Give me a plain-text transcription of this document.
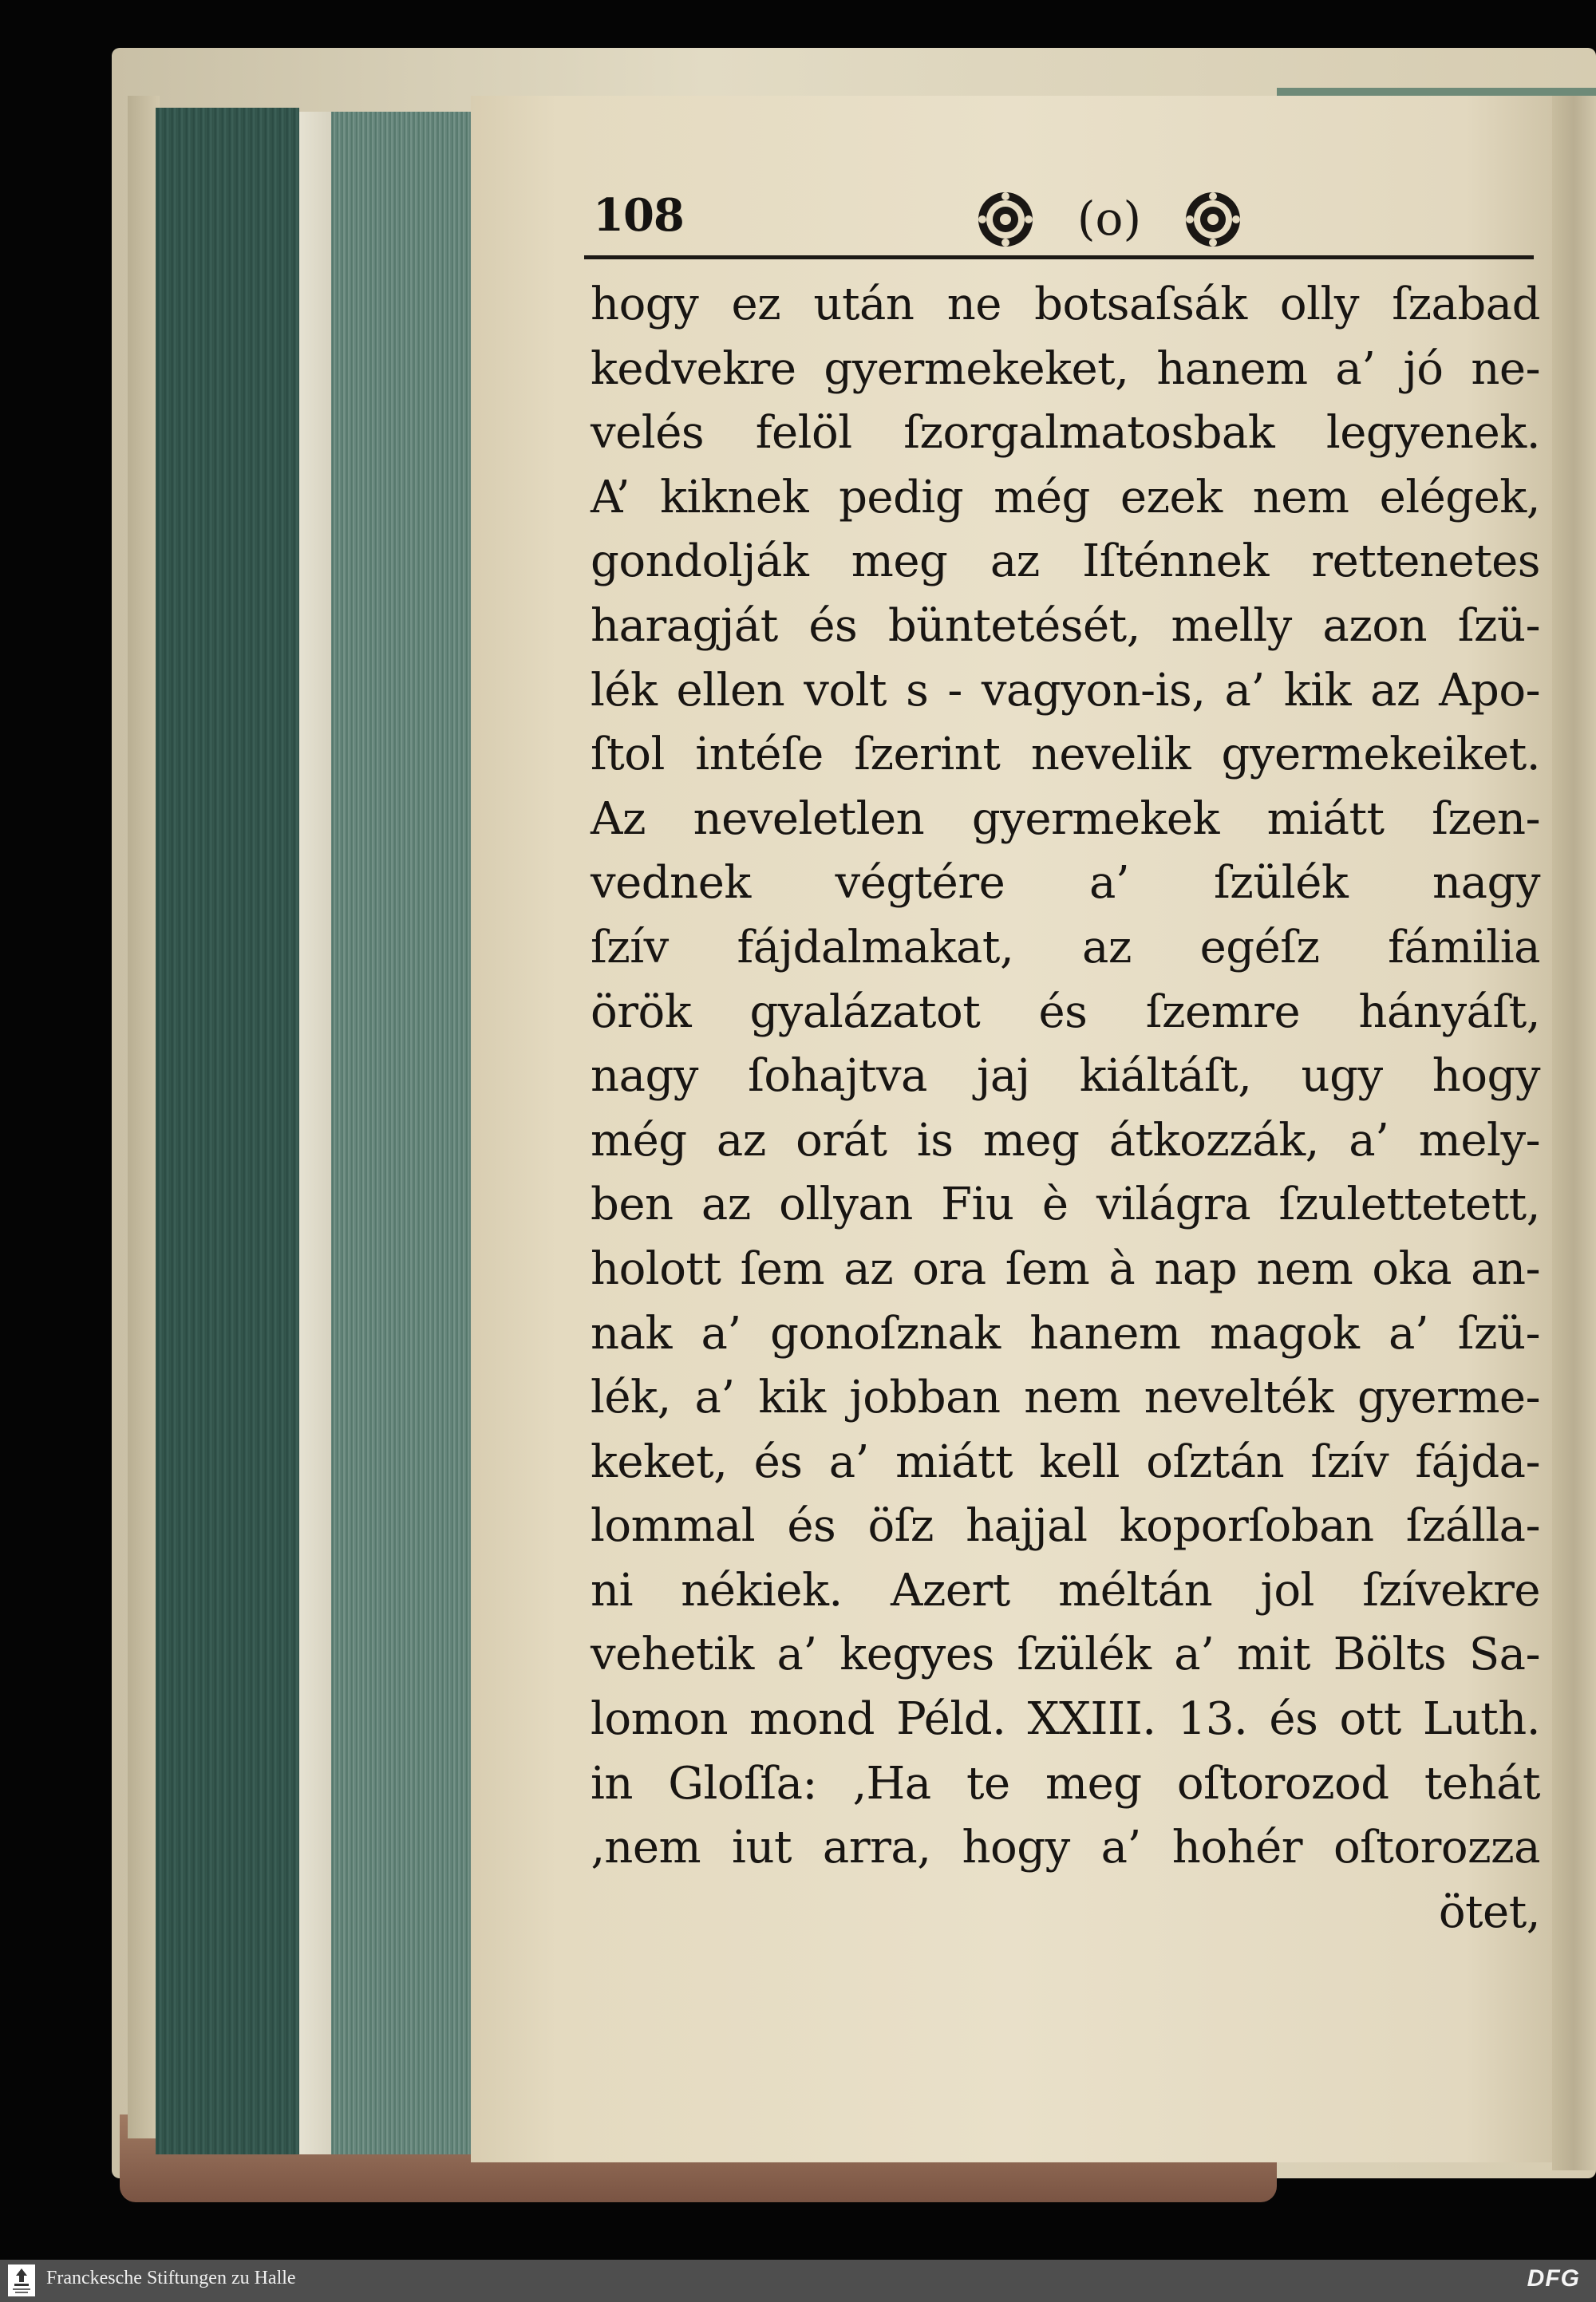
108	(o)
hogy ez után ne botsaſsák olly ſzabad
kedvekre gyermekeket, hanem a’ jó ne-
velés felöl ſzorgalmatosbak legyenek.
A’ kiknek pedig még ezek nem elégek,
gondolják meg az Iſténnek rettenetes
haragját és büntetését, melly azon ſzü-
lék ellen volt s - vagyon-is, a’ kik az Apo-
ſtol intéſe ſzerint nevelik gyermekeiket.
Az neveletlen gyermekek miátt ſzen-
vednek végtére a’ ſzülék nagy
ſzív fájdalmakat, az egéſz fámilia
örök gyalázatot és ſzemre hányáſt,
nagy ſohajtva jaj kiáltáſt, ugy hogy
még az orát is meg átkozzák, a’ mely-
ben az ollyan Fiu è világra ſzulettetett,
holott ſem az ora ſem à nap nem oka an-
nak a’ gonoſznak hanem magok a’ ſzü-
lék, a’ kik jobban nem nevelték gyerme-
keket, és a’ miátt kell oſztán ſzív fájda-
lommal és öſz hajjal koporſoban ſzálla-
ni nékiek. Azert méltán jol ſzívekre
vehetik a’ kegyes ſzülék a’ mit Bölts Sa-
lomon mond Péld. XXIII. 13. és ott Luth.
in Gloſſa: ‚Ha te meg oſtorozod tehát
‚nem iut arra, hogy a’ hohér oſtorozza
ötet,
Franckesche Stiftungen zu Halle	DFG
